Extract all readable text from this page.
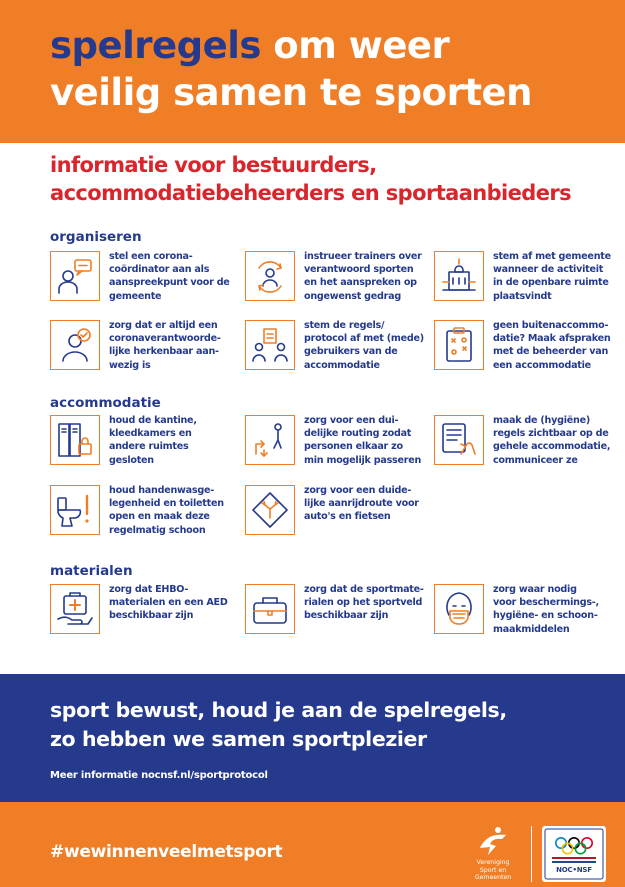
spelregels om weer
veilig samen te sporten
informatie voor bestuurders,
accommodatiebeheerders en sportaanbieders
organiseren

stel een corona-
coördinator aan als
aanspreekpunt voor de
gemeente

instrueer trainers over
verantwoord sporten
en het aanspreken op
ongewenst gedrag

stem af met gemeente
wanneer de activiteit
in de openbare ruimte
plaatsvindt

zorg dat er altijd een
coronaverantwoorde-
lijke herkenbaar aan-
wezig is

stem de regels/
protocol af met (mede)
gebruikers van de
accommodatie

geen buitenaccommo-
datie? Maak afspraken
met de beheerder van
een accommodatie

accommodatie

houd de kantine,
kleedkamers en
andere ruimtes
gesloten

zorg voor een dui-
delijke routing zodat
personen elkaar zo
min mogelijk passeren

maak de (hygiëne)
regels zichtbaar op de
gehele accommodatie,
communiceer ze

houd handenwasge-
legenheid en toiletten
open en maak deze
regelmatig schoon

zorg voor een duide-
lijke aanrijdroute voor
auto's en fietsen

materialen

zorg dat EHBO-
materialen en een AED
beschikbaar zijn

zorg dat de sportmate-
rialen op het sportveld
beschikbaar zijn

zorg waar nodig
voor beschermings-,
hygiëne- en schoon-
maakmiddelen

sport bewust, houd je aan de spelregels,
zo hebben we samen sportplezier

Meer informatie nocnsf.nl/sportprotocol

#wewinnenveelmetsport

Vereniging
Sport en Gemeenten

NOC•NSF
